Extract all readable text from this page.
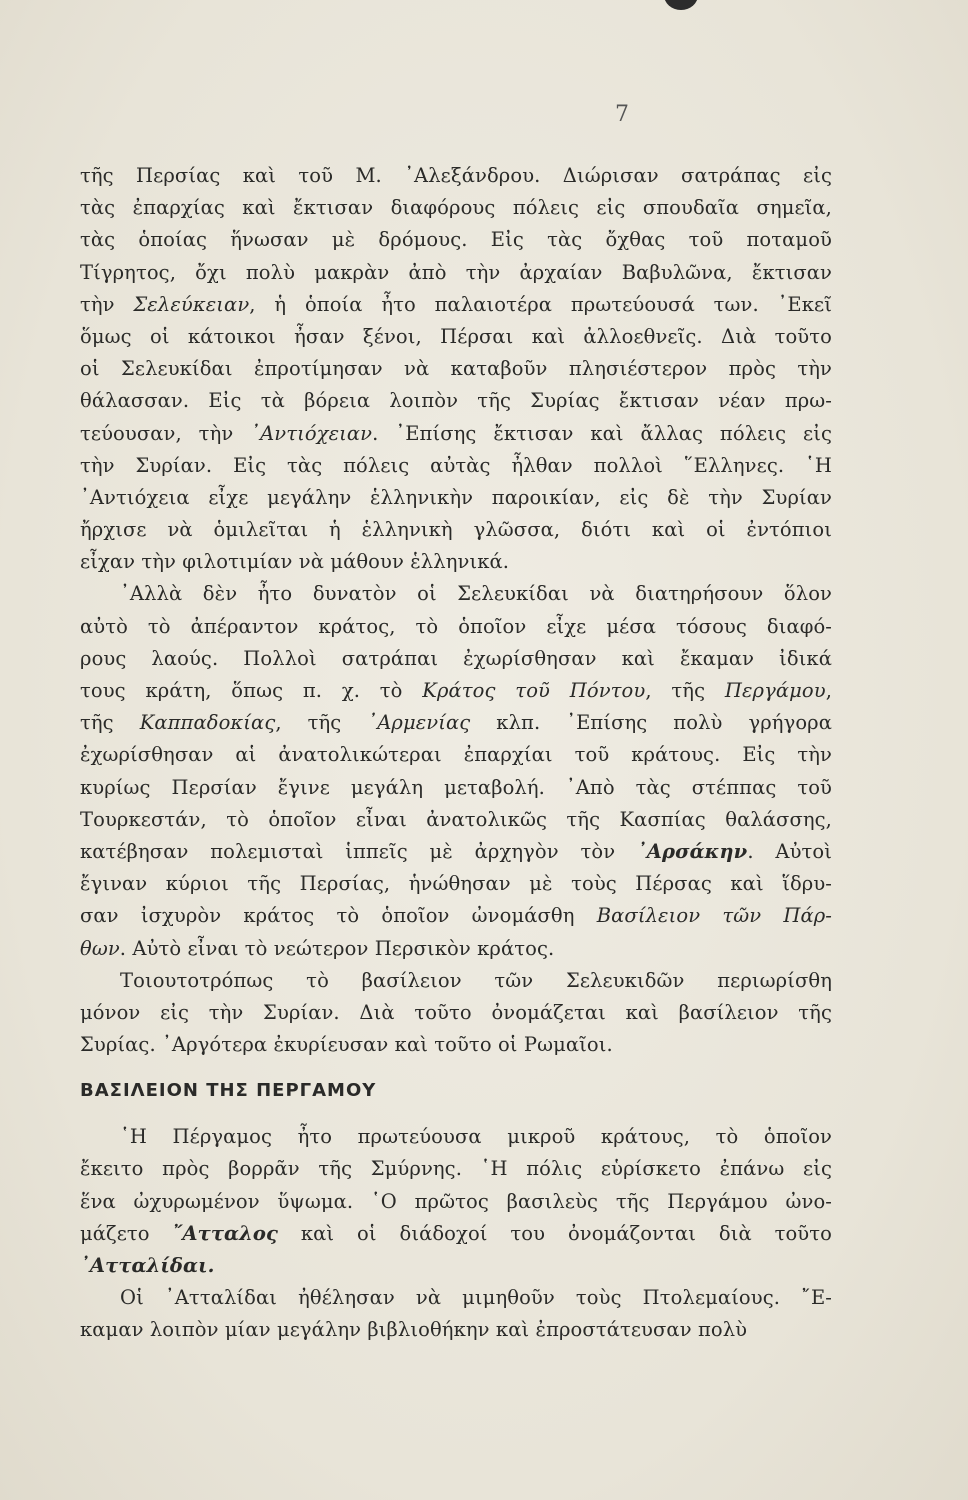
7
τῆς Περσίας καὶ τοῦ Μ. ᾿Αλεξάνδρου. Διώρισαν σατράπας εἰς
τὰς ἐπαρχίας καὶ ἔκτισαν διαφόρους πόλεις εἰς σπουδαῖα σημεῖα,
τὰς ὁποίας ἥνωσαν μὲ δρόμους. Εἰς τὰς ὄχθας τοῦ ποταμοῦ
Τίγρητος, ὄχι πολὺ μακρὰν ἀπὸ τὴν ἀρχαίαν Βαβυλῶνα, ἔκτισαν
τὴν Σελεύκειαν, ἡ ὁποία ἦτο παλαιοτέρα πρωτεύουσά των. ᾿Εκεῖ
ὅμως οἱ κάτοικοι ἦσαν ξένοι, Πέρσαι καὶ ἀλλοεθνεῖς. Διὰ τοῦτο
οἱ Σελευκίδαι ἐπροτίμησαν νὰ καταβοῦν πλησιέστερον πρὸς τὴν
θάλασσαν. Εἰς τὰ βόρεια λοιπὸν τῆς Συρίας ἔκτισαν νέαν πρω-
τεύουσαν, τὴν ᾿Αντιόχειαν. ᾿Επίσης ἔκτισαν καὶ ἄλλας πόλεις εἰς
τὴν Συρίαν. Εἰς τὰς πόλεις αὐτὰς ἦλθαν πολλοὶ ῞Ελληνες. ῾Η
᾿Αντιόχεια εἶχε μεγάλην ἑλληνικὴν παροικίαν, εἰς δὲ τὴν Συρίαν
ἤρχισε νὰ ὁμιλεῖται ἡ ἑλληνικὴ γλῶσσα, διότι καὶ οἱ ἐντόπιοι
εἶχαν τὴν φιλοτιμίαν νὰ μάθουν ἑλληνικά.
᾿Αλλὰ δὲν ἦτο δυνατὸν οἱ Σελευκίδαι νὰ διατηρήσουν ὅλον
αὐτὸ τὸ ἀπέραντον κράτος, τὸ ὁποῖον εἶχε μέσα τόσους διαφό-
ρους λαούς. Πολλοὶ σατράπαι ἐχωρίσθησαν καὶ ἔκαμαν ἰδικά
τους κράτη, ὅπως π. χ. τὸ Κράτος τοῦ Πόντου, τῆς Περγάμου,
τῆς Καππαδοκίας, τῆς ᾿Αρμενίας κλπ. ᾿Επίσης πολὺ γρήγορα
ἐχωρίσθησαν αἱ ἀνατολικώτεραι ἐπαρχίαι τοῦ κράτους. Εἰς τὴν
κυρίως Περσίαν ἔγινε μεγάλη μεταβολή. ᾿Απὸ τὰς στέππας τοῦ
Τουρκεστάν, τὸ ὁποῖον εἶναι ἀνατολικῶς τῆς Κασπίας θαλάσσης,
κατέβησαν πολεμισταὶ ἱππεῖς μὲ ἀρχηγὸν τὸν ᾿Αρσάκην. Αὐτοὶ
ἔγιναν κύριοι τῆς Περσίας, ἡνώθησαν μὲ τοὺς Πέρσας καὶ ἵδρυ-
σαν ἰσχυρὸν κράτος τὸ ὁποῖον ὠνομάσθη Βασίλειον τῶν Πάρ-
θων. Αὐτὸ εἶναι τὸ νεώτερον Περσικὸν κράτος.
Τοιουτοτρόπως τὸ βασίλειον τῶν Σελευκιδῶν περιωρίσθη
μόνον εἰς τὴν Συρίαν. Διὰ τοῦτο ὀνομάζεται καὶ βασίλειον τῆς
Συρίας. ᾿Αργότερα ἐκυρίευσαν καὶ τοῦτο οἱ Ρωμαῖοι.
ΒΑΣΙΛΕΙΟΝ ΤΗΣ ΠΕΡΓΑΜΟΥ
῾Η Πέργαμος ἦτο πρωτεύουσα μικροῦ κράτους, τὸ ὁποῖον
ἔκειτο πρὸς βορρᾶν τῆς Σμύρνης. ῾Η πόλις εὑρίσκετο ἐπάνω εἰς
ἕνα ὠχυρωμένον ὕψωμα. ῾Ο πρῶτος βασιλεὺς τῆς Περγάμου ὠνο-
μάζετο ῎Ατταλος καὶ οἱ διάδοχοί του ὀνομάζονται διὰ τοῦτο
᾿Ατταλίδαι.
Οἱ ᾿Ατταλίδαι ἠθέλησαν νὰ μιμηθοῦν τοὺς Πτολεμαίους. ῎Ε-
καμαν λοιπὸν μίαν μεγάλην βιβλιοθήκην καὶ ἐπροστάτευσαν πολὺ
